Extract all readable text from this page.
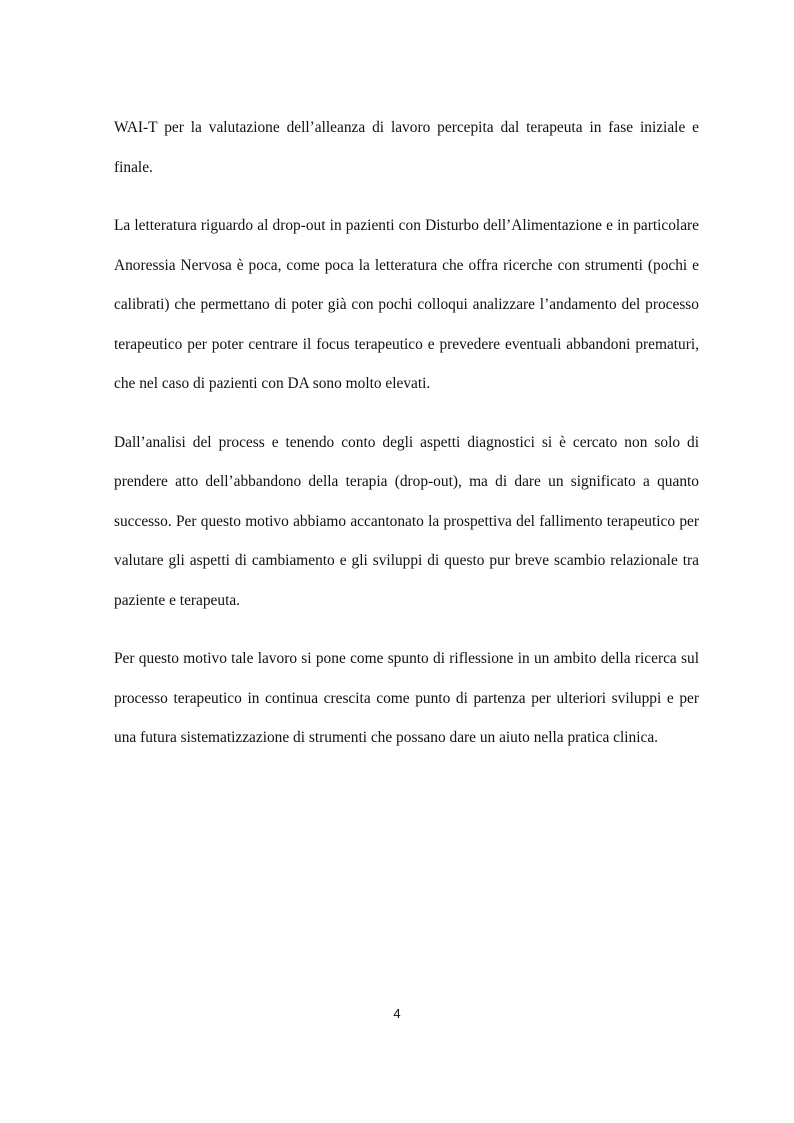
WAI-T per la valutazione dell’alleanza di lavoro percepita dal terapeuta in fase iniziale e finale.

La letteratura riguardo al drop-out in pazienti con Disturbo dell’Alimentazione e in particolare Anoressia Nervosa è poca, come poca la letteratura che offra ricerche con strumenti (pochi e calibrati) che permettano di poter già con pochi colloqui analizzare l’andamento del processo terapeutico per poter centrare il focus terapeutico e prevedere eventuali abbandoni prematuri, che nel caso di pazienti con DA sono molto elevati.

Dall’analisi del process e tenendo conto degli aspetti diagnostici si è cercato non solo di prendere atto dell’abbandono della terapia (drop-out), ma di dare un significato a quanto successo. Per questo motivo abbiamo accantonato la prospettiva del fallimento terapeutico per valutare gli aspetti di cambiamento e gli sviluppi di questo pur breve scambio relazionale tra paziente e terapeuta.

Per questo motivo tale lavoro si pone come spunto di riflessione in un ambito della ricerca sul processo terapeutico in continua crescita come punto di partenza per ulteriori sviluppi e per una futura sistematizzazione di strumenti che possano dare un aiuto nella pratica clinica.

4
